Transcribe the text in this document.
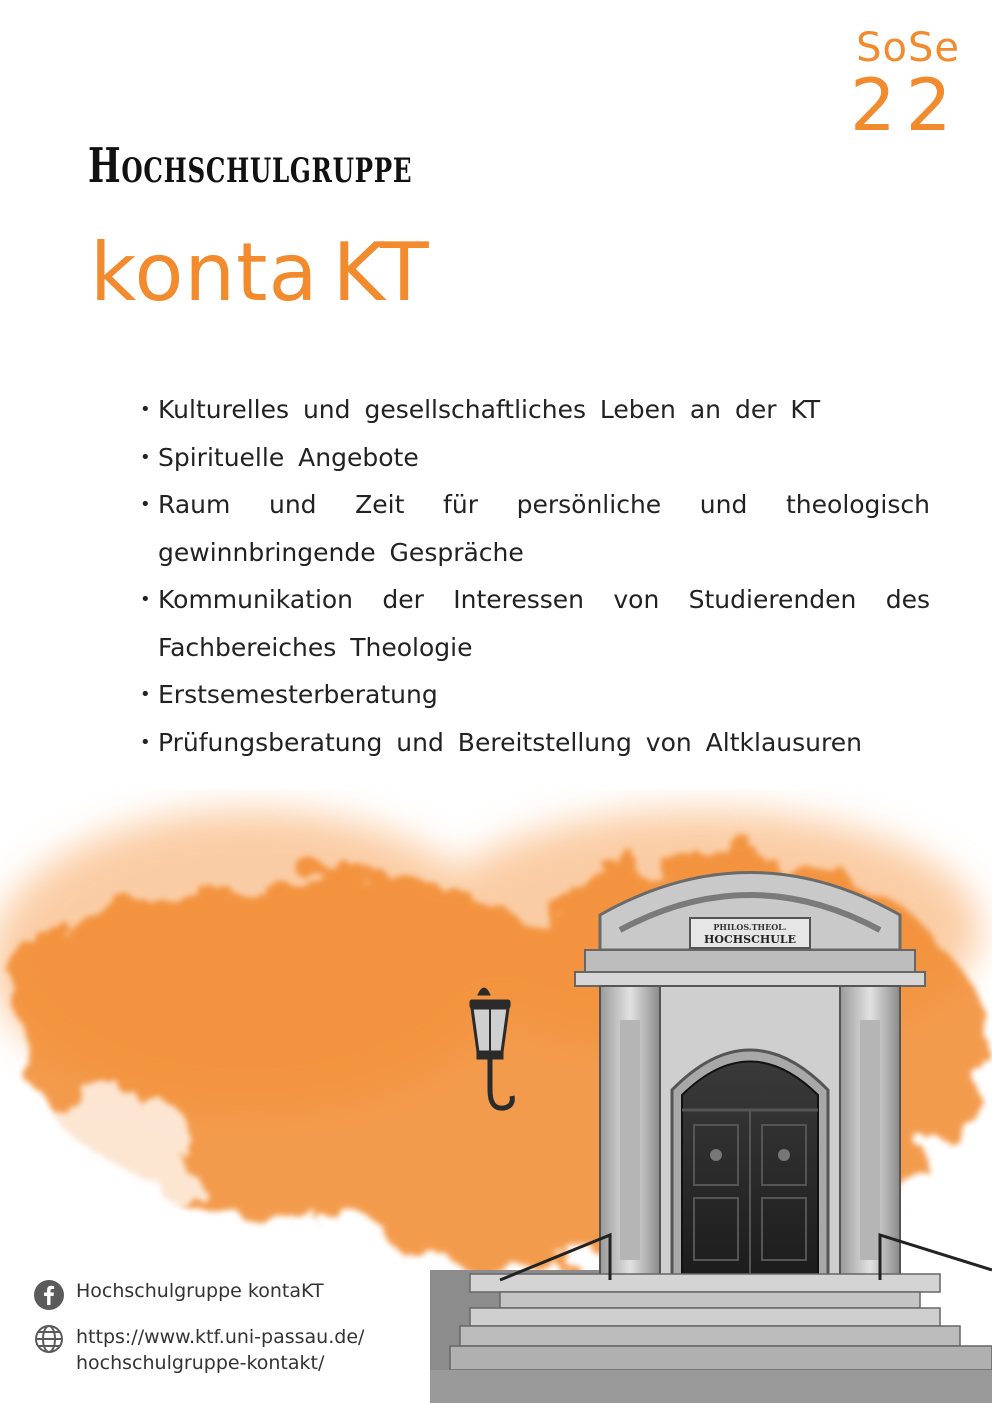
SoSe
22
Hochschulgruppe
konta KT
• Kulturelles und gesellschaftliches Leben an der KT
• Spirituelle Angebote
• Raum und Zeit für persönliche und theologisch gewinnbringende Gespräche
• Kommunikation der Interessen von Studierenden des Fachbereiches Theologie
• Erstsemesterberatung
• Prüfungsberatung und Bereitstellung von Altklausuren
PHILOS.THEOL.
HOCHSCHULE
Hochschulgruppe kontaKT
https://www.ktf.uni-passau.de/
hochschulgruppe-kontakt/
